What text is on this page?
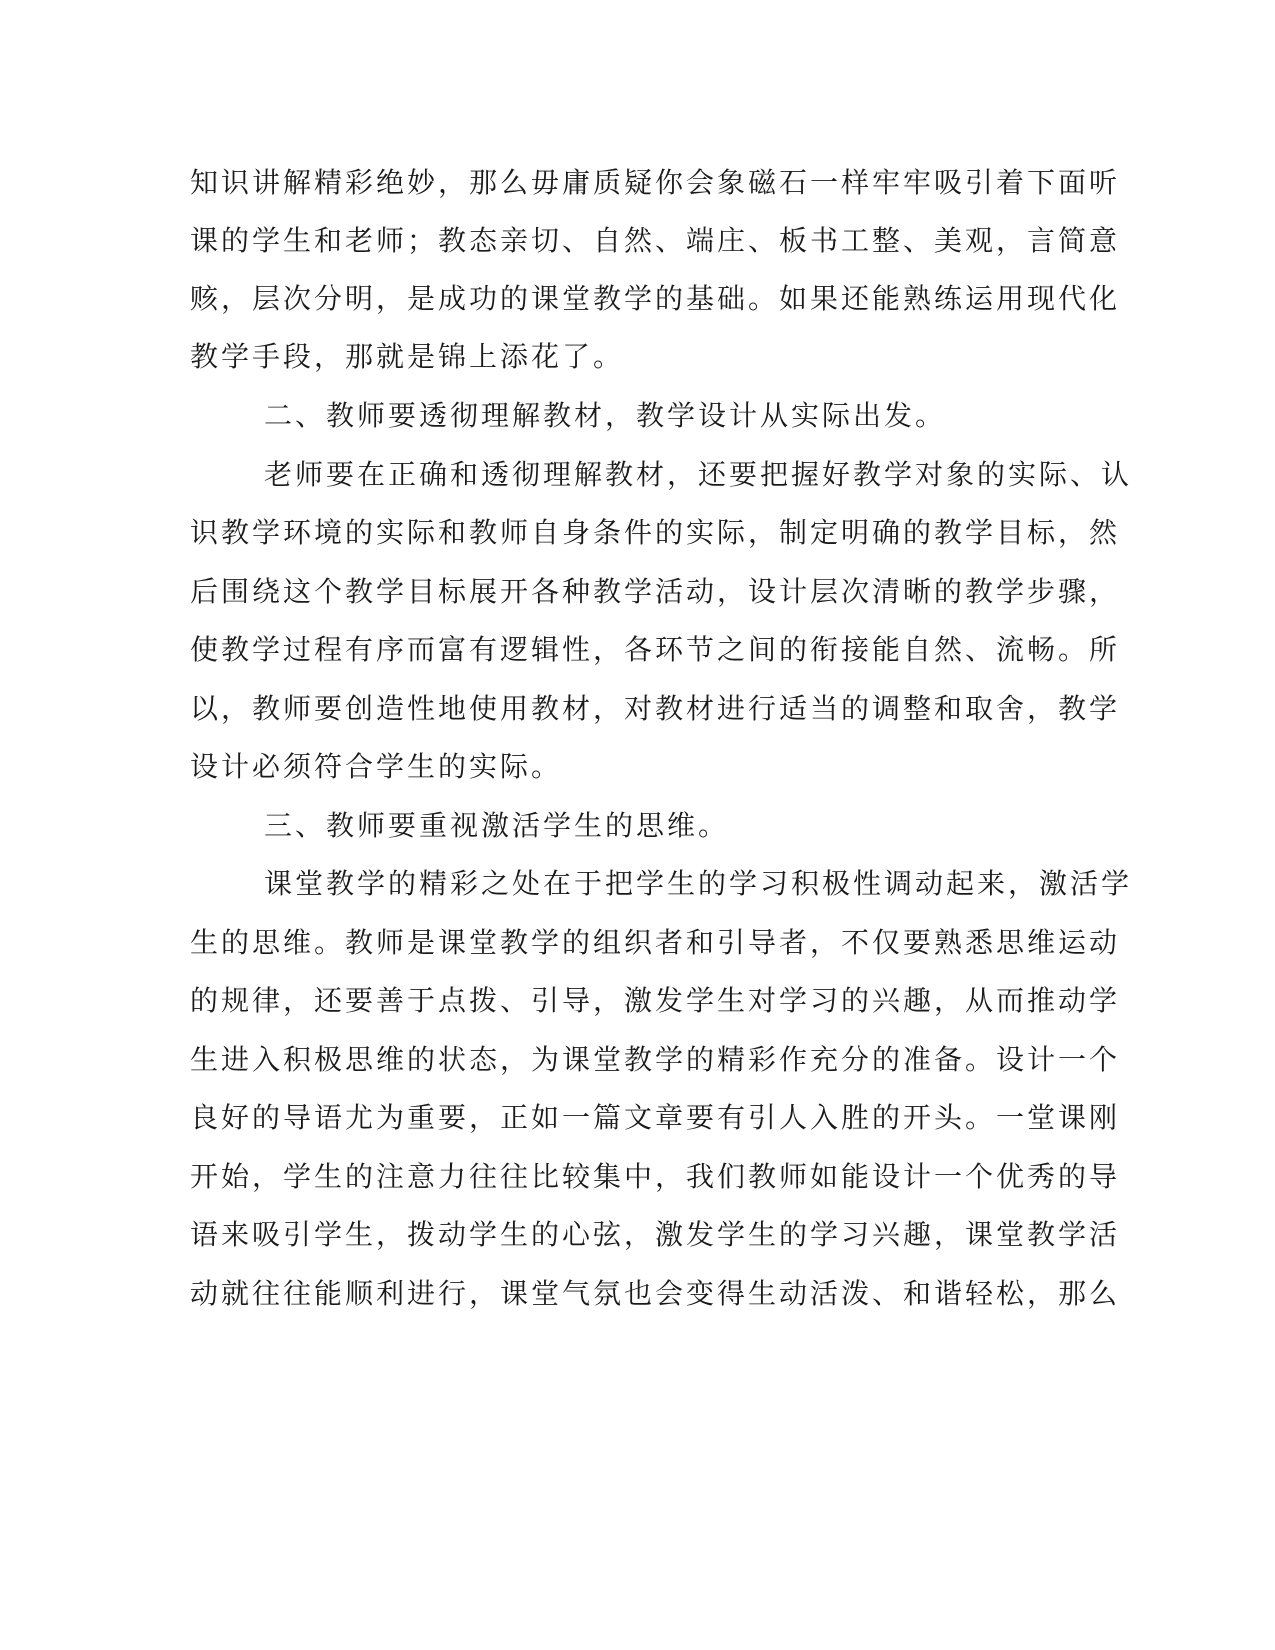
知识讲解精彩绝妙，那么毋庸质疑你会象磁石一样牢牢吸引着下面听
课的学生和老师；教态亲切、自然、端庄、板书工整、美观，言简意
赅，层次分明，是成功的课堂教学的基础。如果还能熟练运用现代化
教学手段，那就是锦上添花了。
二、教师要透彻理解教材，教学设计从实际出发。
老师要在正确和透彻理解教材，还要把握好教学对象的实际、认
识教学环境的实际和教师自身条件的实际，制定明确的教学目标，然
后围绕这个教学目标展开各种教学活动，设计层次清晰的教学步骤，
使教学过程有序而富有逻辑性，各环节之间的衔接能自然、流畅。所
以，教师要创造性地使用教材，对教材进行适当的调整和取舍，教学
设计必须符合学生的实际。
三、教师要重视激活学生的思维。
课堂教学的精彩之处在于把学生的学习积极性调动起来，激活学
生的思维。教师是课堂教学的组织者和引导者，不仅要熟悉思维运动
的规律，还要善于点拨、引导，激发学生对学习的兴趣，从而推动学
生进入积极思维的状态，为课堂教学的精彩作充分的准备。设计一个
良好的导语尤为重要，正如一篇文章要有引人入胜的开头。一堂课刚
开始，学生的注意力往往比较集中，我们教师如能设计一个优秀的导
语来吸引学生，拨动学生的心弦，激发学生的学习兴趣，课堂教学活
动就往往能顺利进行，课堂气氛也会变得生动活泼、和谐轻松，那么
